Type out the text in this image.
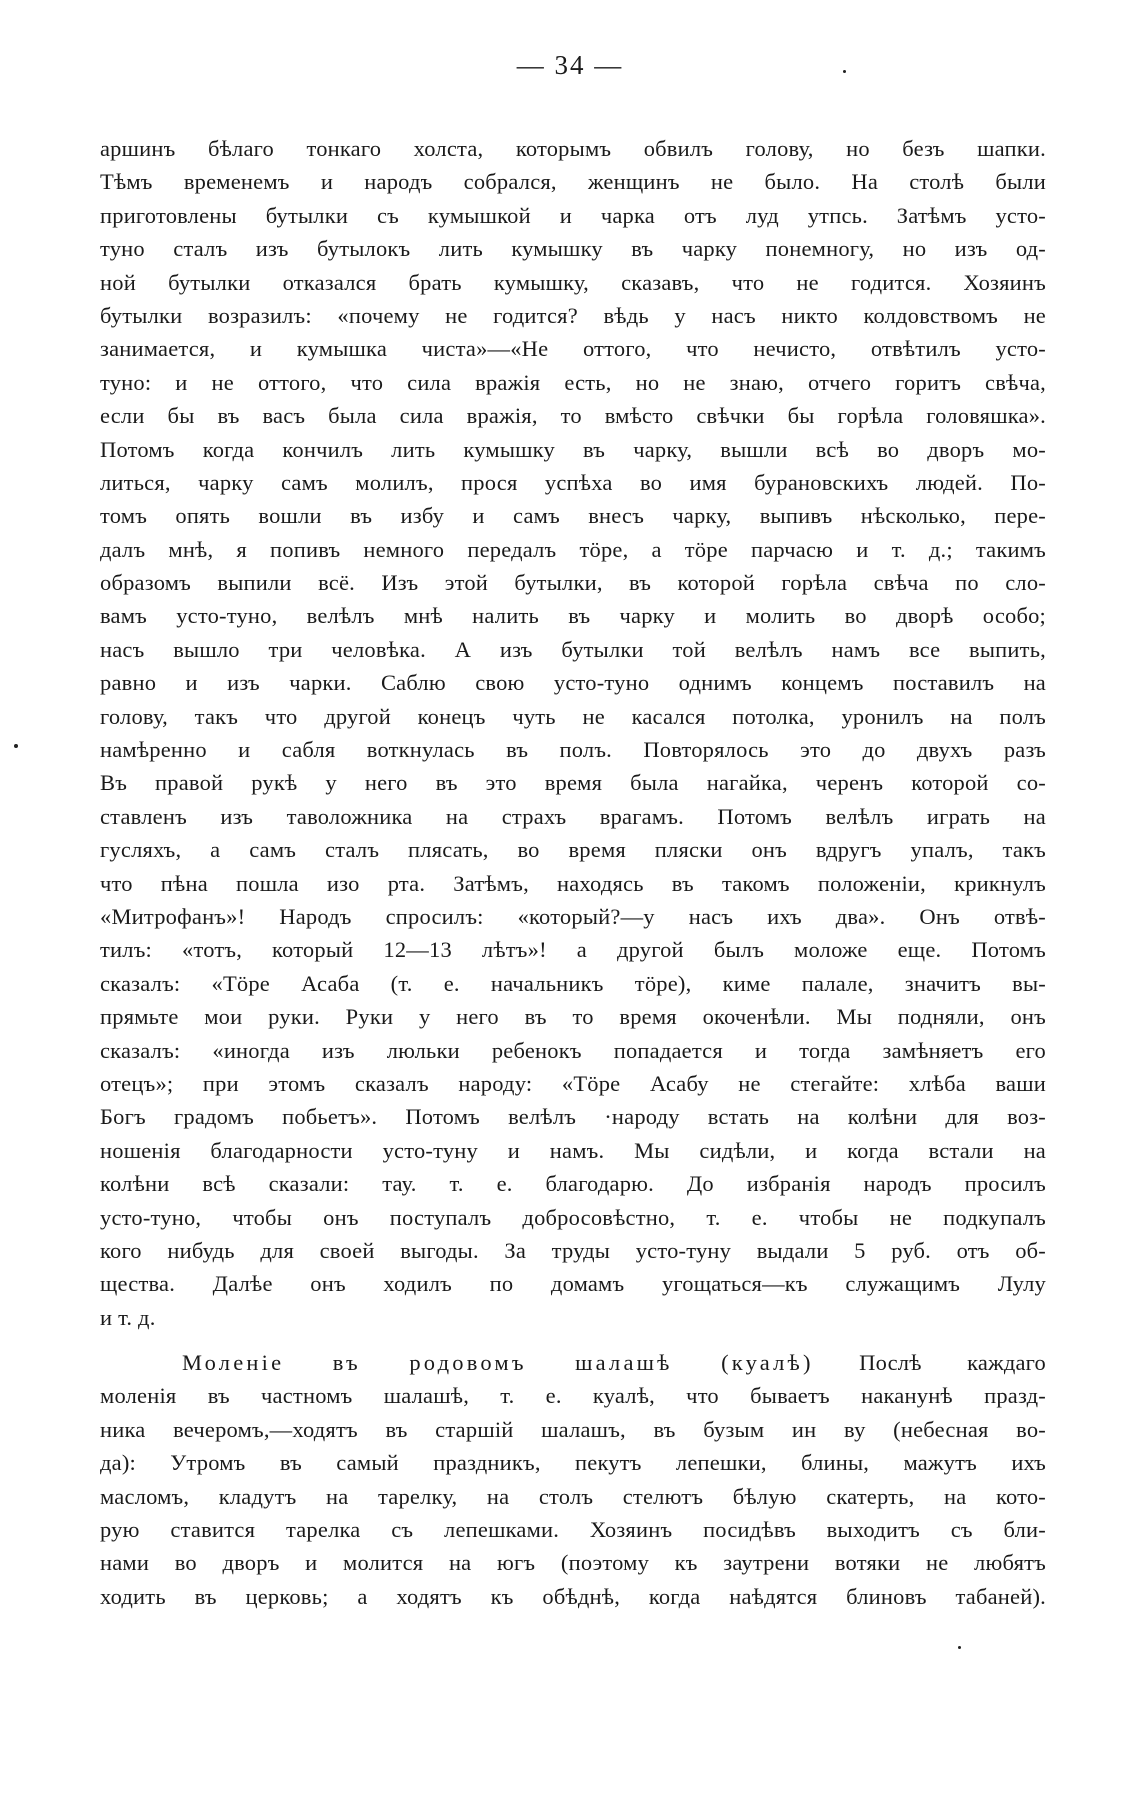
— 34 —
аршинъ бѣлаго тонкаго холста, которымъ обвилъ голову, но безъ шапки.
Тѣмъ временемъ и народъ собрался, женщинъ не было. На столѣ были
приготовлены бутылки съ кумышкой и чарка отъ луд утпсь. Затѣмъ усто-
туно сталъ изъ бутылокъ лить кумышку въ чарку понемногу, но изъ од-
ной бутылки отказался брать кумышку, сказавъ, что не годится. Хозяинъ
бутылки возразилъ: «почему не годится? вѣдь у насъ никто колдовствомъ не
занимается, и кумышка чиста»—«Не оттого, что нечисто, отвѣтилъ усто-
туно: и не оттого, что сила вражія есть, но не знаю, отчего горитъ свѣча,
если бы въ васъ была сила вражія, то вмѣсто свѣчки бы горѣла головяшка».
Потомъ когда кончилъ лить кумышку въ чарку, вышли всѣ во дворъ мо-
литься, чарку самъ молилъ, прося успѣха во имя бурановскихъ людей. По-
томъ опять вошли въ избу и самъ внесъ чарку, выпивъ нѣсколько, пере-
далъ мнѣ, я попивъ немного передалъ тӧре, а тӧре парчасю и т. д.; такимъ
образомъ выпили всё. Изъ этой бутылки, въ которой горѣла свѣча по сло-
вамъ усто-туно, велѣлъ мнѣ налить въ чарку и молить во дворѣ особо;
насъ вышло три человѣка. А изъ бутылки той велѣлъ намъ все выпить,
равно и изъ чарки. Саблю свою усто-туно однимъ концемъ поставилъ на
голову, такъ что другой конецъ чуть не касался потолка, уронилъ на полъ
намѣренно и сабля воткнулась въ полъ. Повторялось это до двухъ разъ
Въ правой рукѣ у него въ это время была нагайка, черенъ которой со-
ставленъ изъ таволожника на страхъ врагамъ. Потомъ велѣлъ играть на
гусляхъ, а самъ сталъ плясать, во время пляски онъ вдругъ упалъ, такъ
что пѣна пошла изо рта. Затѣмъ, находясь въ такомъ положеніи, крикнулъ
«Митрофанъ»! Народъ спросилъ: «который?—у насъ ихъ два». Онъ отвѣ-
тилъ: «тотъ, который 12—13 лѣтъ»! а другой былъ моложе еще. Потомъ
сказалъ: «Тӧре Асаба (т. е. начальникъ тӧре), киме палале, значитъ вы-
прямьте мои руки. Руки у него въ то время окоченѣли. Мы подняли, онъ
сказалъ: «иногда изъ люльки ребенокъ попадается и тогда замѣняетъ его
отецъ»; при этомъ сказалъ народу: «Тӧре Асабу не стегайте: хлѣба ваши
Богъ градомъ побьетъ». Потомъ велѣлъ ·народу встать на колѣни для воз-
ношенія благодарности усто-туну и намъ. Мы сидѣли, и когда встали на
колѣни всѣ сказали: тау. т. е. благодарю. До избранія народъ просилъ
усто-туно, чтобы онъ поступалъ добросовѣстно, т. е. чтобы не подкупалъ
кого нибудь для своей выгоды. За труды усто-туну выдали 5 руб. отъ об-
щества. Далѣе онъ ходилъ по домамъ угощаться—къ служащимъ Лулу
и т. д.
Моленіе въ родовомъ шалашѣ (куалѣ) Послѣ каждаго
моленія въ частномъ шалашѣ, т. е. куалѣ, что бываетъ наканунѣ празд-
ника вечеромъ,—ходятъ въ старшій шалашъ, въ бузым ин ву (небесная во-
да): Утромъ въ самый праздникъ, пекутъ лепешки, блины, мажутъ ихъ
масломъ, кладутъ на тарелку, на столъ стелютъ бѣлую скатерть, на кото-
рую ставится тарелка съ лепешками. Хозяинъ посидѣвъ выходитъ съ бли-
нами во дворъ и молится на югъ (поэтому къ заутрени вотяки не любятъ
ходить въ церковь; а ходятъ къ обѣднѣ, когда наѣдятся блиновъ табаней).
